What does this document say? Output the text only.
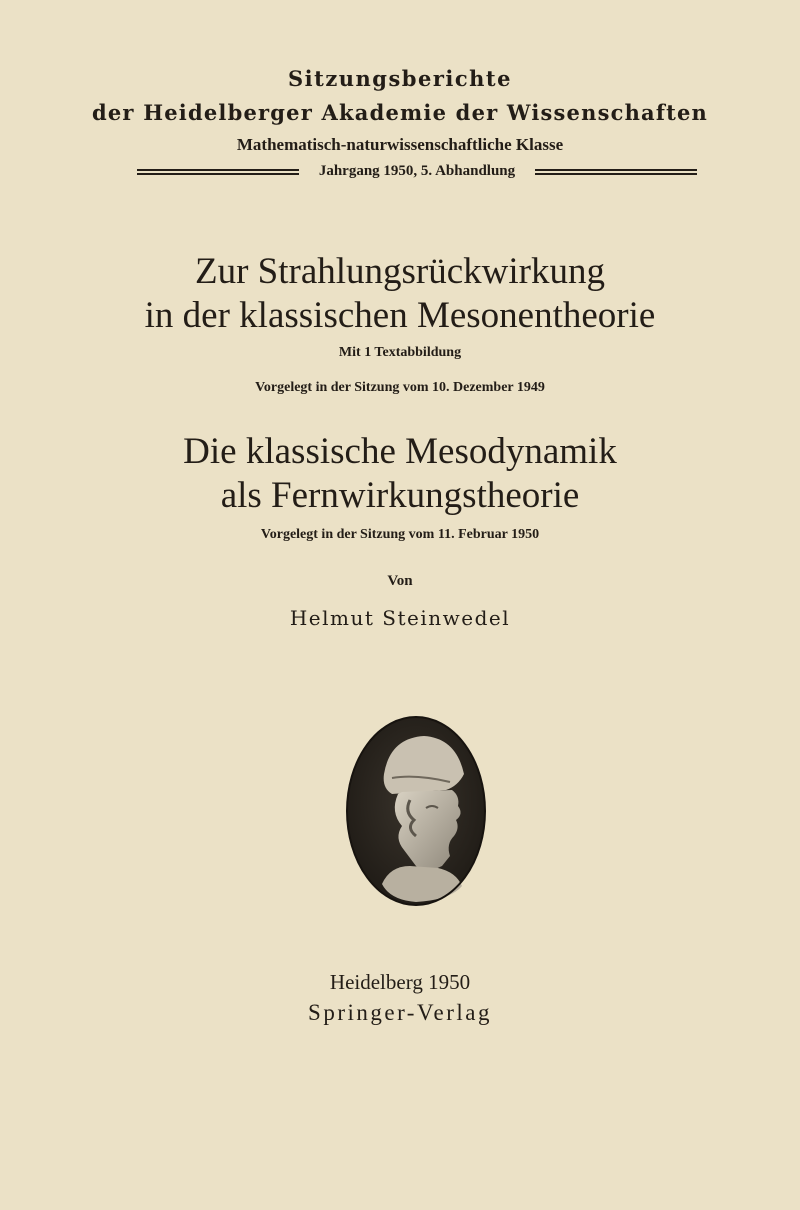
Sitzungsberichte

der Heidelberger Akademie der Wissenschaften

Mathematisch-naturwissenschaftliche Klasse

Jahrgang 1950, 5. Abhandlung

Zur Strahlungsrückwirkung

in der klassischen Mesonentheorie

Mit 1 Textabbildung

Vorgelegt in der Sitzung vom 10. Dezember 1949

Die klassische Mesodynamik

als Fernwirkungstheorie

Vorgelegt in der Sitzung vom 11. Februar 1950

Von

Helmut Steinwedel

Heidelberg 1950

Springer-Verlag
